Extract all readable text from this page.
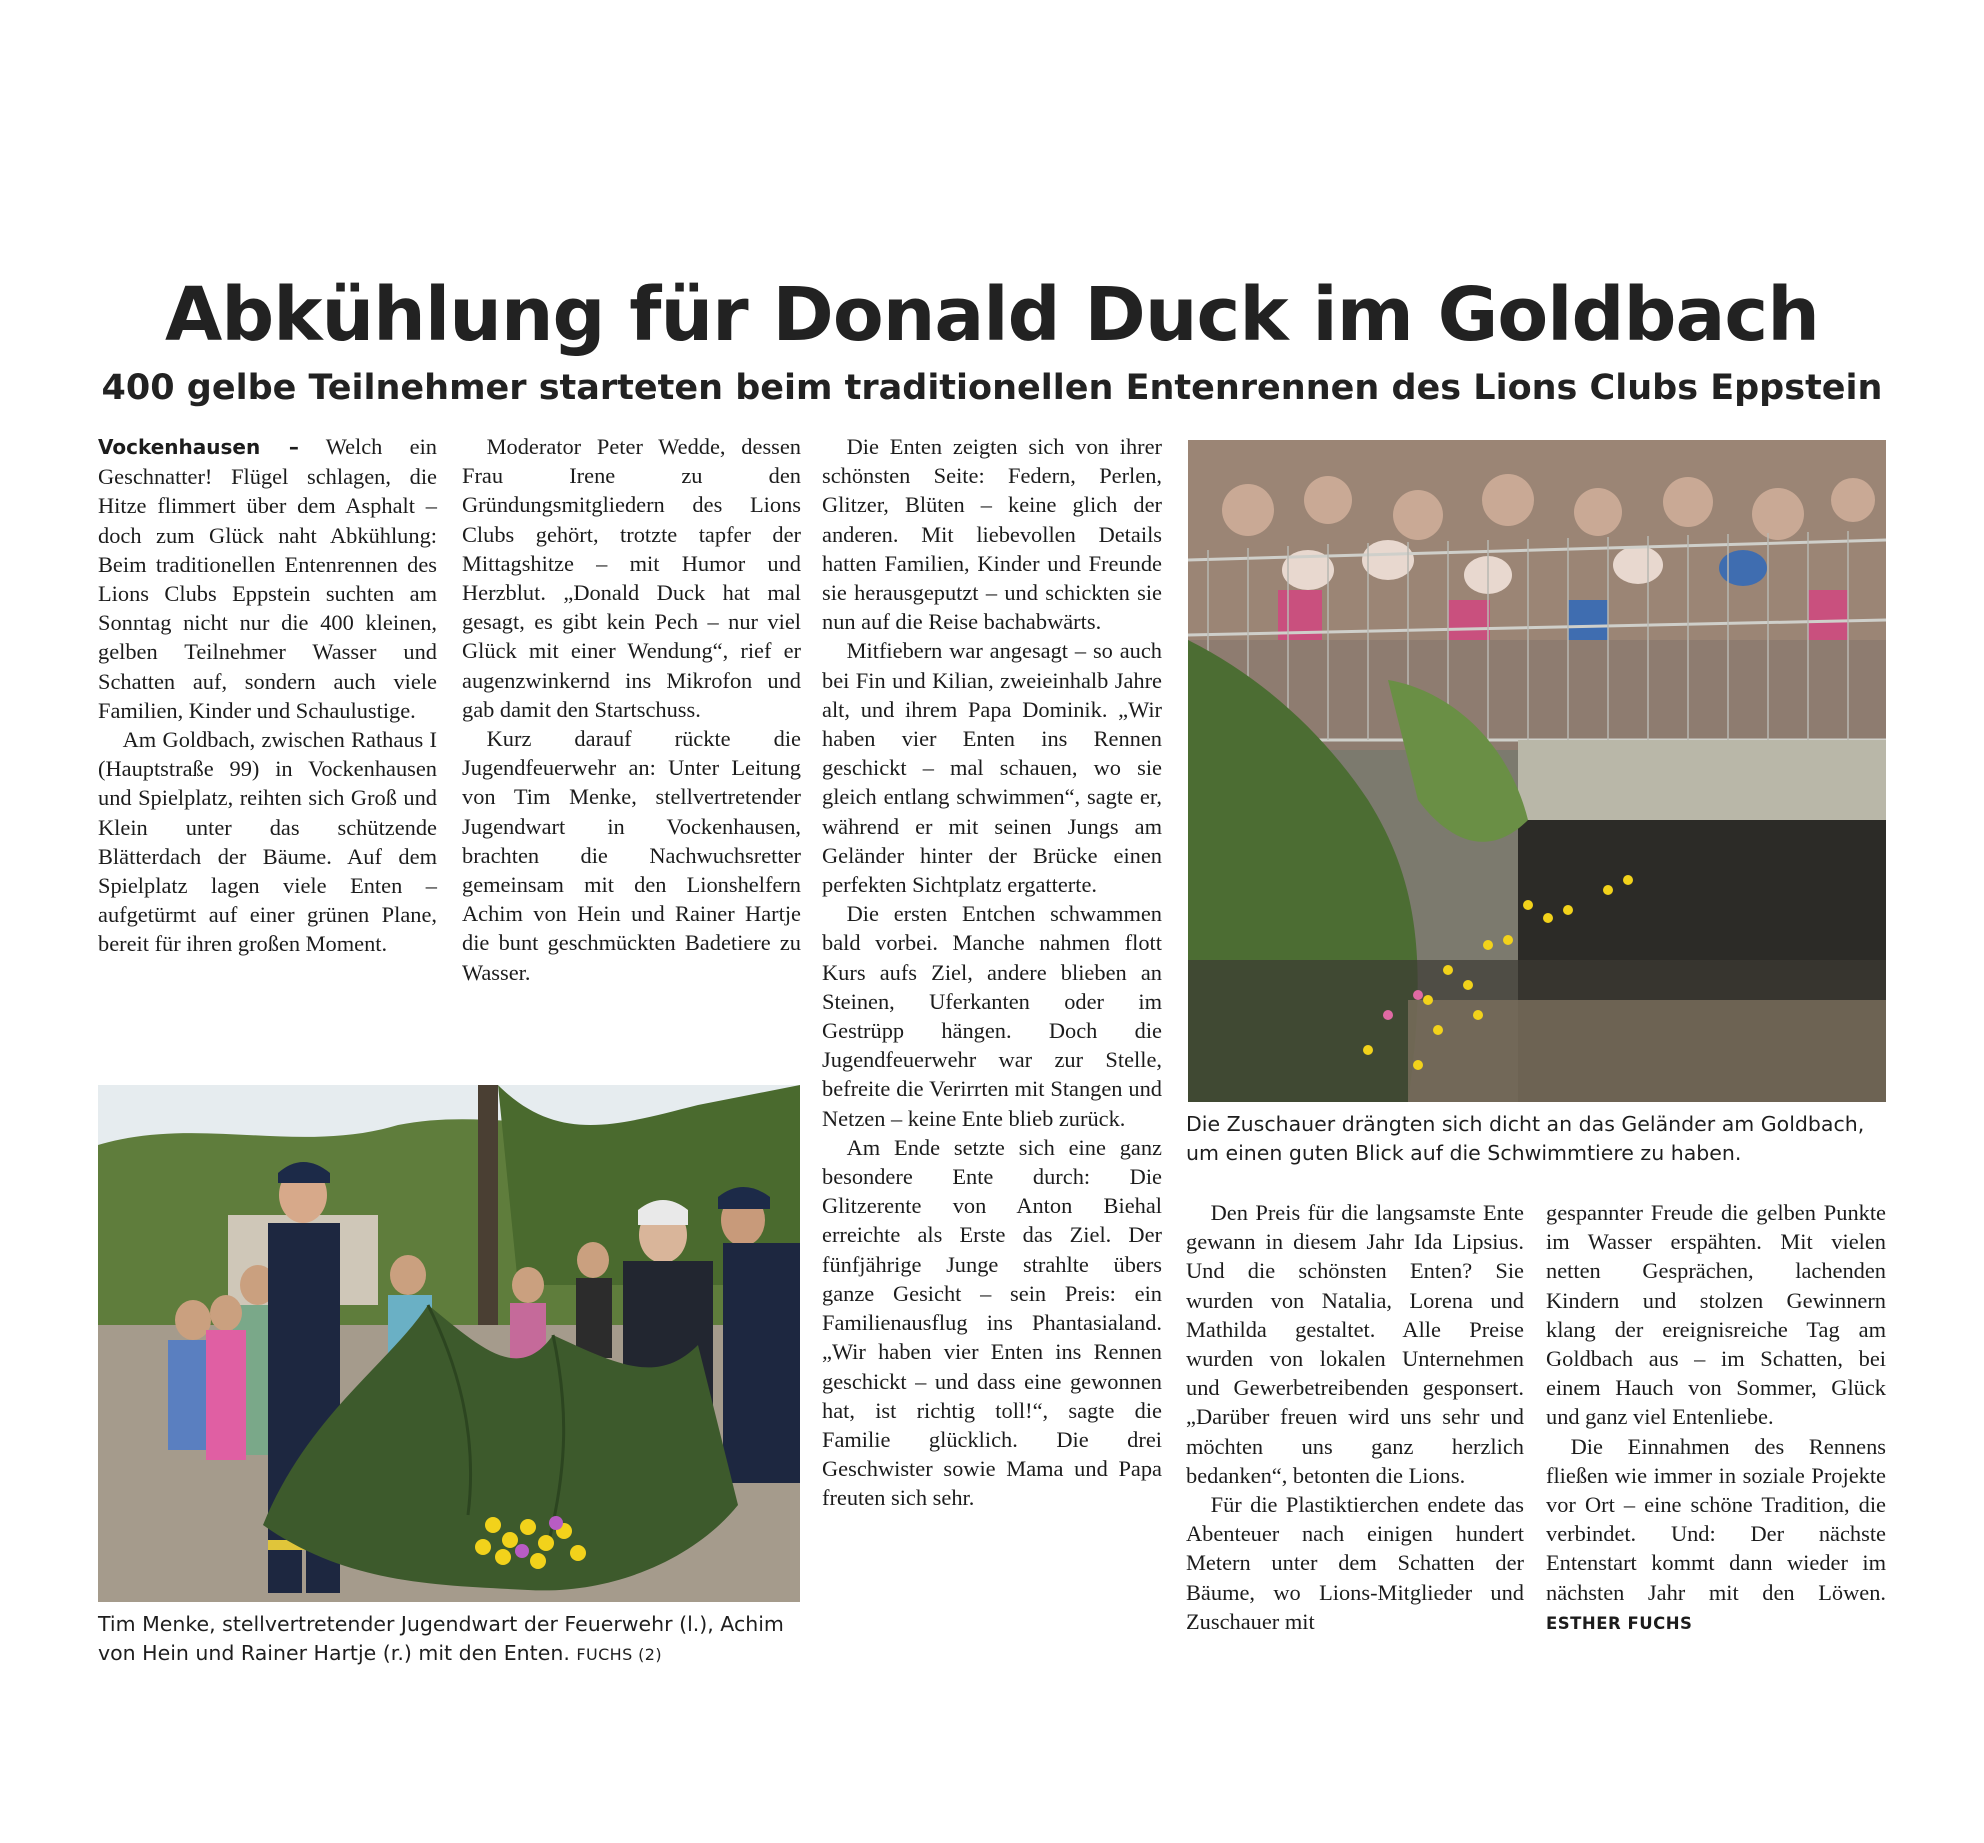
Abkühlung für Donald Duck im Goldbach
400 gelbe Teilnehmer starteten beim traditionellen Entenrennen des Lions Clubs Eppstein

Vockenhausen – Welch ein Geschnatter! Flügel schlagen, die Hitze flimmert über dem Asphalt – doch zum Glück naht Abkühlung: Beim traditionellen Entenrennen des Lions Clubs Eppstein suchten am Sonntag nicht nur die 400 kleinen, gelben Teilnehmer Wasser und Schatten auf, sondern auch viele Familien, Kinder und Schaulustige.

Am Goldbach, zwischen Rathaus I (Hauptstraße 99) in Vockenhausen und Spielplatz, reihten sich Groß und Klein unter das schützende Blätterdach der Bäume. Auf dem Spielplatz lagen viele Enten – aufgetürmt auf einer grünen Plane, bereit für ihren großen Moment.

Moderator Peter Wedde, dessen Frau Irene zu den Gründungsmitgliedern des Lions Clubs gehört, trotzte tapfer der Mittagshitze – mit Humor und Herzblut. „Donald Duck hat mal gesagt, es gibt kein Pech – nur viel Glück mit einer Wendung“, rief er augenzwinkernd ins Mikrofon und gab damit den Startschuss.

Kurz darauf rückte die Jugendfeuerwehr an: Unter Leitung von Tim Menke, stellvertretender Jugendwart in Vockenhausen, brachten die Nachwuchsretter gemeinsam mit den Lionshelfern Achim von Hein und Rainer Hartje die bunt geschmückten Badetiere zu Wasser.

Die Enten zeigten sich von ihrer schönsten Seite: Federn, Perlen, Glitzer, Blüten – keine glich der anderen. Mit liebevollen Details hatten Familien, Kinder und Freunde sie herausgeputzt – und schickten sie nun auf die Reise bachabwärts.

Mitfiebern war angesagt – so auch bei Fin und Kilian, zweieinhalb Jahre alt, und ihrem Papa Dominik. „Wir haben vier Enten ins Rennen geschickt – mal schauen, wo sie gleich entlang schwimmen“, sagte er, während er mit seinen Jungs am Geländer hinter der Brücke einen perfekten Sichtplatz ergatterte.

Die ersten Entchen schwammen bald vorbei. Manche nahmen flott Kurs aufs Ziel, andere blieben an Steinen, Uferkanten oder im Gestrüpp hängen. Doch die Jugendfeuerwehr war zur Stelle, befreite die Verirrten mit Stangen und Netzen – keine Ente blieb zurück.

Am Ende setzte sich eine ganz besondere Ente durch: Die Glitzerente von Anton Biehal erreichte als Erste das Ziel. Der fünfjährige Junge strahlte übers ganze Gesicht – sein Preis: ein Familienausflug ins Phantasialand. „Wir haben vier Enten ins Rennen geschickt – und dass eine gewonnen hat, ist richtig toll!“, sagte die Familie glücklich. Die drei Geschwister sowie Mama und Papa freuten sich sehr.

Den Preis für die langsamste Ente gewann in diesem Jahr Ida Lipsius. Und die schönsten Enten? Sie wurden von Natalia, Lorena und Mathilda gestaltet. Alle Preise wurden von lokalen Unternehmen und Gewerbetreibenden gesponsert. „Darüber freuen wird uns sehr und möchten uns ganz herzlich bedanken“, betonten die Lions.

Für die Plastiktierchen endete das Abenteuer nach einigen hundert Metern unter dem Schatten der Bäume, wo Lions-Mitglieder und Zuschauer mit

gespannter Freude die gelben Punkte im Wasser erspähten. Mit vielen netten Gesprächen, lachenden Kindern und stolzen Gewinnern klang der ereignisreiche Tag am Goldbach aus – im Schatten, bei einem Hauch von Sommer, Glück und ganz viel Entenliebe.

Die Einnahmen des Rennens fließen wie immer in soziale Projekte vor Ort – eine schöne Tradition, die verbindet. Und: Der nächste Entenstart kommt dann wieder im nächsten Jahr mit den Löwen. ESTHER FUCHS

Die Zuschauer drängten sich dicht an das Geländer am Goldbach, um einen guten Blick auf die Schwimmtiere zu haben.

Tim Menke, stellvertretender Jugendwart der Feuerwehr (l.), Achim von Hein und Rainer Hartje (r.) mit den Enten. FUCHS (2)
